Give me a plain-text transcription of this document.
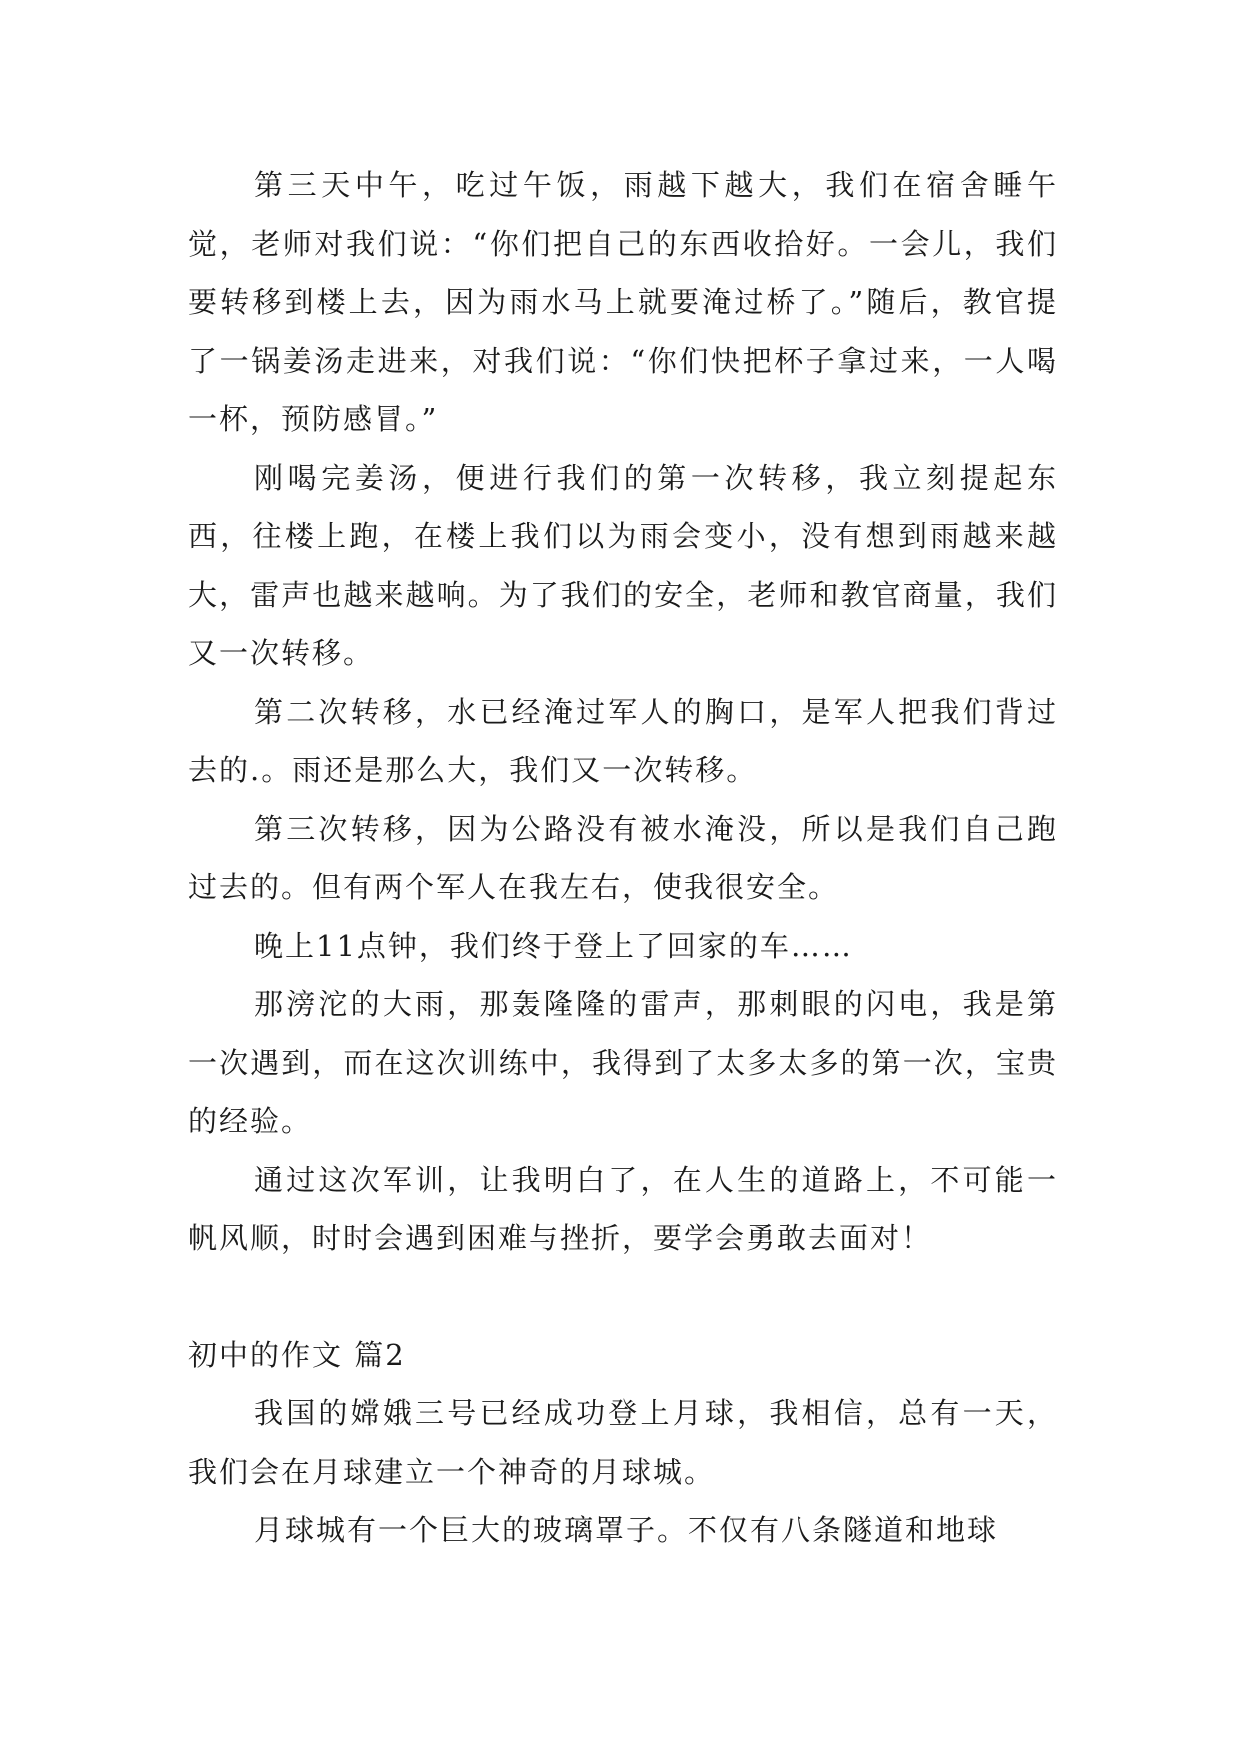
第三天中午，吃过午饭，雨越下越大，我们在宿舍睡午觉，老师对我们说：“你们把自己的东西收拾好。一会儿，我们要转移到楼上去，因为雨水马上就要淹过桥了。”随后，教官提了一锅姜汤走进来，对我们说：“你们快把杯子拿过来，一人喝一杯，预防感冒。”

刚喝完姜汤，便进行我们的第一次转移，我立刻提起东西，往楼上跑，在楼上我们以为雨会变小，没有想到雨越来越大，雷声也越来越响。为了我们的安全，老师和教官商量，我们又一次转移。

第二次转移，水已经淹过军人的胸口，是军人把我们背过去的.。雨还是那么大，我们又一次转移。

第三次转移，因为公路没有被水淹没，所以是我们自己跑过去的。但有两个军人在我左右，使我很安全。

晚上11点钟，我们终于登上了回家的车……

那滂沱的大雨，那轰隆隆的雷声，那刺眼的闪电，我是第一次遇到，而在这次训练中，我得到了太多太多的第一次，宝贵的经验。

通过这次军训，让我明白了，在人生的道路上，不可能一帆风顺，时时会遇到困难与挫折，要学会勇敢去面对！

初中的作文 篇2

我国的嫦娥三号已经成功登上月球，我相信，总有一天，我们会在月球建立一个神奇的月球城。

月球城有一个巨大的玻璃罩子。不仅有八条隧道和地球
